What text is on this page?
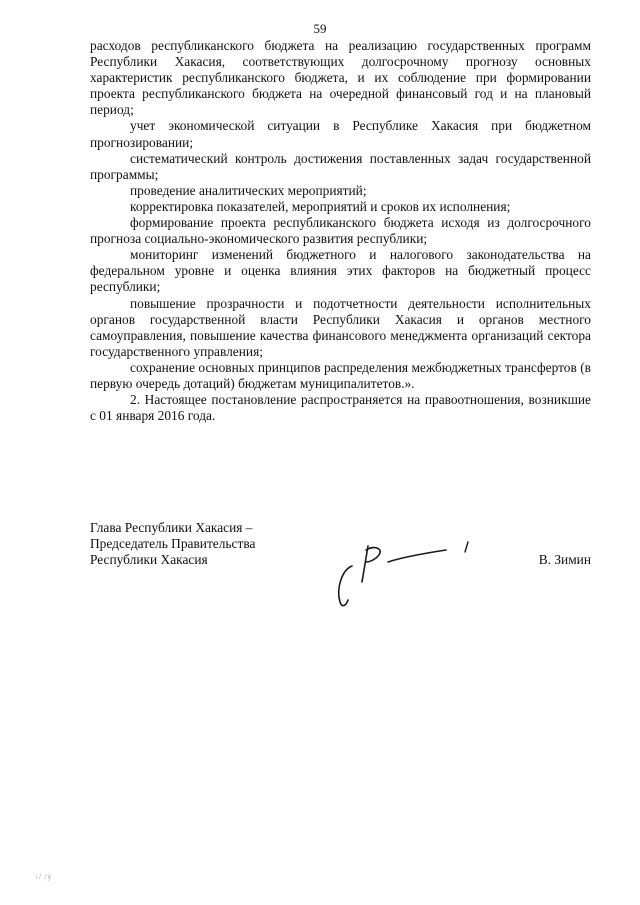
59

расходов республиканского бюджета на реализацию государственных программ Республики Хакасия, соответствующих долгосрочному прогнозу основных характеристик республиканского бюджета, и их соблюдение при формировании проекта республиканского бюджета на очередной финансовый год и на плановый период;

учет экономической ситуации в Республике Хакасия при бюджетном прогнозировании;

систематический контроль достижения поставленных задач государственной программы;

проведение аналитических мероприятий;

корректировка показателей, мероприятий и сроков их исполнения;

формирование проекта республиканского бюджета исходя из долгосрочного прогноза социально-экономического развития республики;

мониторинг изменений бюджетного и налогового законодательства на федеральном уровне и оценка влияния этих факторов на бюджетный процесс республики;

повышение прозрачности и подотчетности деятельности исполнительных органов государственной власти Республики Хакасия и органов местного самоуправления, повышение качества финансового менеджмента организаций сектора государственного управления;

сохранение основных принципов распределения межбюджетных трансфертов (в первую очередь дотаций) бюджетам муниципалитетов.».

2. Настоящее постановление распространяется на правоотношения, возникшие с 01 января 2016 года.

Глава Республики Хакасия –
Председатель Правительства
Республики Хакасия	В. Зимин
// /у
